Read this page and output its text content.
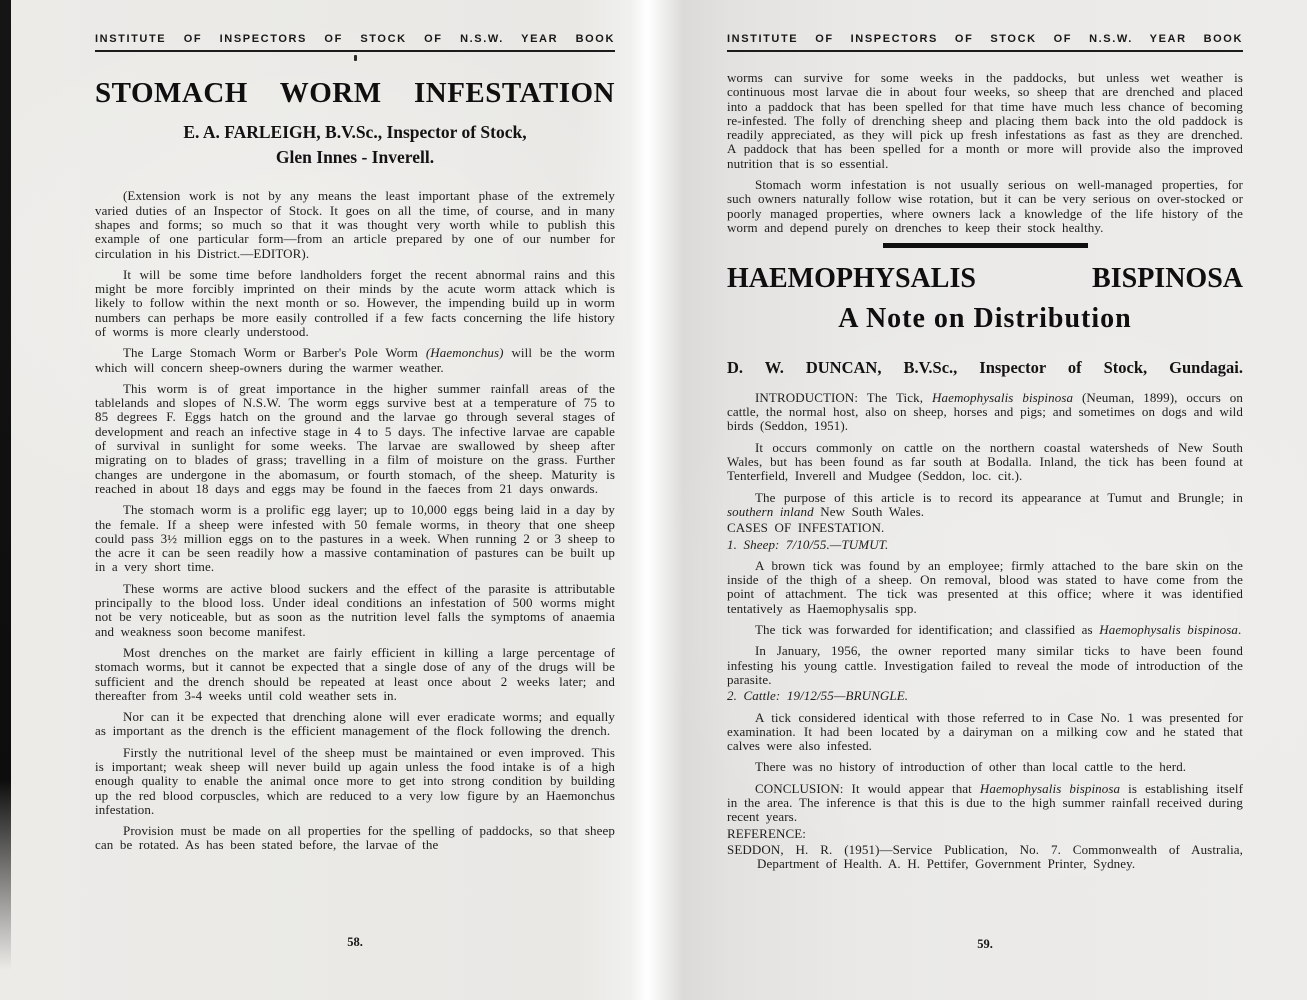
INSTITUTE OF INSPECTORS OF STOCK OF N.S.W. YEAR BOOK
STOMACH WORM INFESTATION
E. A. FARLEIGH, B.V.Sc., Inspector of Stock,
Glen Innes - Inverell.

(Extension work is not by any means the least important phase of the extremely varied duties of an Inspector of Stock. It goes on all the time, of course, and in many shapes and forms; so much so that it was thought very worth while to publish this example of one particular form—from an article prepared by one of our number for circulation in his District.—EDITOR).

It will be some time before landholders forget the recent abnormal rains and this might be more forcibly imprinted on their minds by the acute worm attack which is likely to follow within the next month or so. However, the impending build up in worm numbers can perhaps be more easily controlled if a few facts concerning the life history of worms is more clearly understood.

The Large Stomach Worm or Barber's Pole Worm (Haemonchus) will be the worm which will concern sheep-owners during the warmer weather.

This worm is of great importance in the higher summer rainfall areas of the tablelands and slopes of N.S.W. The worm eggs survive best at a temperature of 75 to 85 degrees F. Eggs hatch on the ground and the larvae go through several stages of development and reach an infective stage in 4 to 5 days. The infective larvae are capable of survival in sunlight for some weeks. The larvae are swallowed by sheep after migrating on to blades of grass; travelling in a film of moisture on the grass. Further changes are undergone in the abomasum, or fourth stomach, of the sheep. Maturity is reached in about 18 days and eggs may be found in the faeces from 21 days onwards.

The stomach worm is a prolific egg layer; up to 10,000 eggs being laid in a day by the female. If a sheep were infested with 50 female worms, in theory that one sheep could pass 3½ million eggs on to the pastures in a week. When running 2 or 3 sheep to the acre it can be seen readily how a massive contamination of pastures can be built up in a very short time.

These worms are active blood suckers and the effect of the parasite is attributable principally to the blood loss. Under ideal conditions an infestation of 500 worms might not be very noticeable, but as soon as the nutrition level falls the symptoms of anaemia and weakness soon become manifest.

Most drenches on the market are fairly efficient in killing a large percentage of stomach worms, but it cannot be expected that a single dose of any of the drugs will be sufficient and the drench should be repeated at least once about 2 weeks later; and thereafter from 3-4 weeks until cold weather sets in.

Nor can it be expected that drenching alone will ever eradicate worms; and equally as important as the drench is the efficient management of the flock following the drench.

Firstly the nutritional level of the sheep must be maintained or even improved. This is important; weak sheep will never build up again unless the food intake is of a high enough quality to enable the animal once more to get into strong condition by building up the red blood corpuscles, which are reduced to a very low figure by an Haemonchus infestation.

Provision must be made on all properties for the spelling of paddocks, so that sheep can be rotated. As has been stated before, the larvae of the

58.
INSTITUTE OF INSPECTORS OF STOCK OF N.S.W. YEAR BOOK

worms can survive for some weeks in the paddocks, but unless wet weather is continuous most larvae die in about four weeks, so sheep that are drenched and placed into a paddock that has been spelled for that time have much less chance of becoming re-infested. The folly of drenching sheep and placing them back into the old paddock is readily appreciated, as they will pick up fresh infestations as fast as they are drenched. A paddock that has been spelled for a month or more will provide also the improved nutrition that is so essential.

Stomach worm infestation is not usually serious on well-managed properties, for such owners naturally follow wise rotation, but it can be very serious on over-stocked or poorly managed properties, where owners lack a knowledge of the life history of the worm and depend purely on drenches to keep their stock healthy.

HAEMOPHYSALIS BISPINOSA
A Note on Distribution
D. W. DUNCAN, B.V.Sc., Inspector of Stock, Gundagai.

INTRODUCTION: The Tick, Haemophysalis bispinosa (Neuman, 1899), occurs on cattle, the normal host, also on sheep, horses and pigs; and sometimes on dogs and wild birds (Seddon, 1951).

It occurs commonly on cattle on the northern coastal watersheds of New South Wales, but has been found as far south at Bodalla. Inland, the tick has been found at Tenterfield, Inverell and Mudgee (Seddon, loc. cit.).

The purpose of this article is to record its appearance at Tumut and Brungle; in southern inland New South Wales.

CASES OF INFESTATION.

1. Sheep: 7/10/55.—TUMUT.

A brown tick was found by an employee; firmly attached to the bare skin on the inside of the thigh of a sheep. On removal, blood was stated to have come from the point of attachment. The tick was presented at this office; where it was identified tentatively as Haemophysalis spp.

The tick was forwarded for identification; and classified as Haemophysalis bispinosa.

In January, 1956, the owner reported many similar ticks to have been found infesting his young cattle. Investigation failed to reveal the mode of introduction of the parasite.

2. Cattle: 19/12/55—BRUNGLE.

A tick considered identical with those referred to in Case No. 1 was presented for examination. It had been located by a dairyman on a milking cow and he stated that calves were also infested.

There was no history of introduction of other than local cattle to the herd.

CONCLUSION: It would appear that Haemophysalis bispinosa is establishing itself in the area. The inference is that this is due to the high summer rainfall received during recent years.

REFERENCE:

SEDDON, H. R. (1951)—Service Publication, No. 7. Commonwealth of Australia, Department of Health. A. H. Pettifer, Government Printer, Sydney.

59.
